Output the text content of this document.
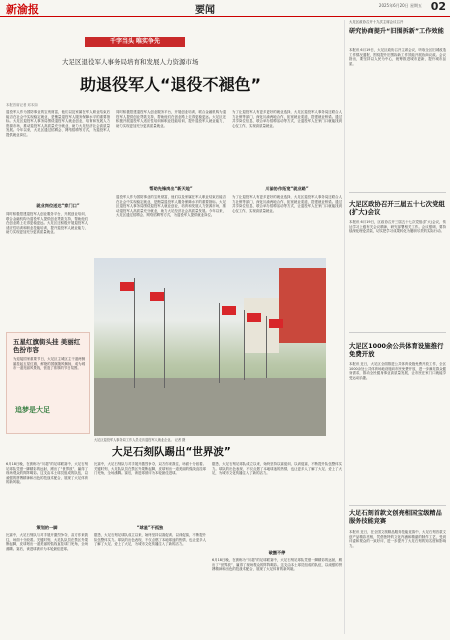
新渝报	要闻	2025年6月20日 星期五 02
千字当头 唯实争先
大足区退役军人事务局培育和发展人力资源市场
助退役军人“退役不褪色”
本报首席记者 邓本如
退役军人作为国防事业的宝贵财富，他们以及家属在军人职业结束后能否在社会中实现稳定就业，是衡量退役军人服务保障水平的重要指标。大足区退役军人事务局围绕退役军人就业创业，培育和发展人力资源市场，推动退役军人高质量充分就业，助力大足经济社会高质量发展。今年以来，大足区通过招聘会、网络招聘等方式，为退役军人提供就业岗位。
就业岗位送达“家门口”
同时积极搭建退役军人创业服务平台，开展创业培训，联合金融机构为退役军人提供创业贷款支持，帮助他们在创业路上走得更稳更远。大足区还积极开展退役军人适应性培训和职业技能培训，提升退役军人就业能力，助力实现更加充分更高质量就业。
同时积极搭建退役军人创业服务平台，开展创业培训，联合金融机构为退役军人提供创业贷款支持，帮助他们在创业路上走得更稳更远。大足区还积极开展退役军人适应性培训和职业技能培训，提升退役军人就业能力，助力实现更加充分更高质量就业。
帮助先锋岗出“新天地”
退役军人作为国防事业的宝贵财富，他们以及家属在军人职业结束后能否在社会中实现稳定就业，是衡量退役军人服务保障水平的重要指标。大足区退役军人事务局围绕退役军人就业创业，培育和发展人力资源市场，推动退役军人高质量充分就业，助力大足经济社会高质量发展。今年以来，大足区通过招聘会、网络招聘等方式，为退役军人提供就业岗位。
为了让退役军人有更多更好的就业选择，大足区退役军人事务局还联合人力社保等部门，深化川渝两地合作，拓宽就业渠道，搭建就业桥梁。通过共享岗位信息、联合举办招聘活动等方式，让退役军人在家门口就能找到心仪工作，实现高质量就业。
川渝协作拓宽“就业路”
为了让退役军人有更多更好的就业选择，大足区退役军人事务局还联合人力社保等部门，深化川渝两地合作，拓宽就业渠道，搭建就业桥梁。通过共享岗位信息、联合举办招聘活动等方式，让退役军人在家门口就能找到心仪工作，实现高质量就业。
大足区退役军人事务局工作人员走访退役军人就业企业。 记者 摄
五星红旗街头挂 美丽红色扮市容
为迎接国家重要节日，大足区主城区主干道两侧悬挂起五星红旗，鲜艳的国旗随风飘扬，成为城市一道亮丽风景线，营造了浓厚的节日氛围。
追梦是大足
大足石刻队踢出“世界波”
6月18日晚，在被称为“川超”的足球联赛中，大足石刻足球队凭借一脚精彩的远射，踢出了“世界波”，赢得了现场观众的阵阵喝彩。这支由本土球员组成的队伍，以顽强的拼搏精神和出色的技战术配合，展现了大足体育的新风貌。
策划的一脚
比赛中，大足石刻队与对手展开激烈争夺，双方你来我往，场面十分胶着。关键时刻，大足队队员在禁区外果断起脚，皮球划出一道美丽的弧线直挂球门死角，全场沸腾。赛后，该进球被评为本轮最佳进球。
比赛中，大足石刻队与对手展开激烈争夺，双方你来我往，场面十分胶着。关键时刻，大足队队员在禁区外果断起脚，皮球划出一道美丽的弧线直挂球门死角，全场沸腾。赛后，该进球被评为本轮最佳进球。
“球星”不孤独
据悉，大足石刻足球队成立以来，始终坚持以赛促训、以训促赛，不断提升队伍整体实力。球队的出色表现，不仅点燃了本地球迷的热情，也让更多人了解了大足、爱上了大足，为城市文化传播注入了新的活力。
据悉，大足石刻足球队成立以来，始终坚持以赛促训、以训促赛，不断提升队伍整体实力。球队的出色表现，不仅点燃了本地球迷的热情，也让更多人了解了大足、爱上了大足，为城市文化传播注入了新的活力。
破圈不停
6月18日晚，在被称为“川超”的足球联赛中，大足石刻足球队凭借一脚精彩的远射，踢出了“世界波”，赢得了现场观众的阵阵喝彩。这支由本土球员组成的队伍，以顽强的拼搏精神和出色的技战术配合，展现了大足体育的新风貌。
大足区政协召开十九次主席会议召开
研究协商提升“旧围拆新”工作效能
本报讯 6月19日，大足区政协召开主席会议，听取全区旧城改造工作情况通报，围绕提升旧围拆新工作效能开展协商议政。会议指出，要坚持以人民为中心，统筹推进城市更新，提升城市品质。
大足区政协召开三届五十七次党组(扩大)会议
本报讯 6月19日，区政协召开三届五十七次党组(扩大)会议，传达学习上级有关会议精神，研究部署相关工作。会议强调，要持续深化理论武装，切实把学习成果转化为履职尽责的实际行动。
大足区1000余公共体育设施推行免费开放
本报讯 近日，大足区全面推进公共体育设施免费开放工作，全区1000余处公共体育场地设施向市民免费开放，进一步满足群众健身需求，推动全民健身事业高质量发展，让市民在家门口就能享受运动乐趣。
大足石刻首款文创亮相国宝级精品服务技能竞赛
本报讯 近日，在全国文旅精品服务技能竞赛中，大足石刻首款文创产品精彩亮相，凭借独特的文化内涵和精湛的制作工艺，受到评委和观众的一致好评，进一步提升了大足石刻的知名度和影响力。
